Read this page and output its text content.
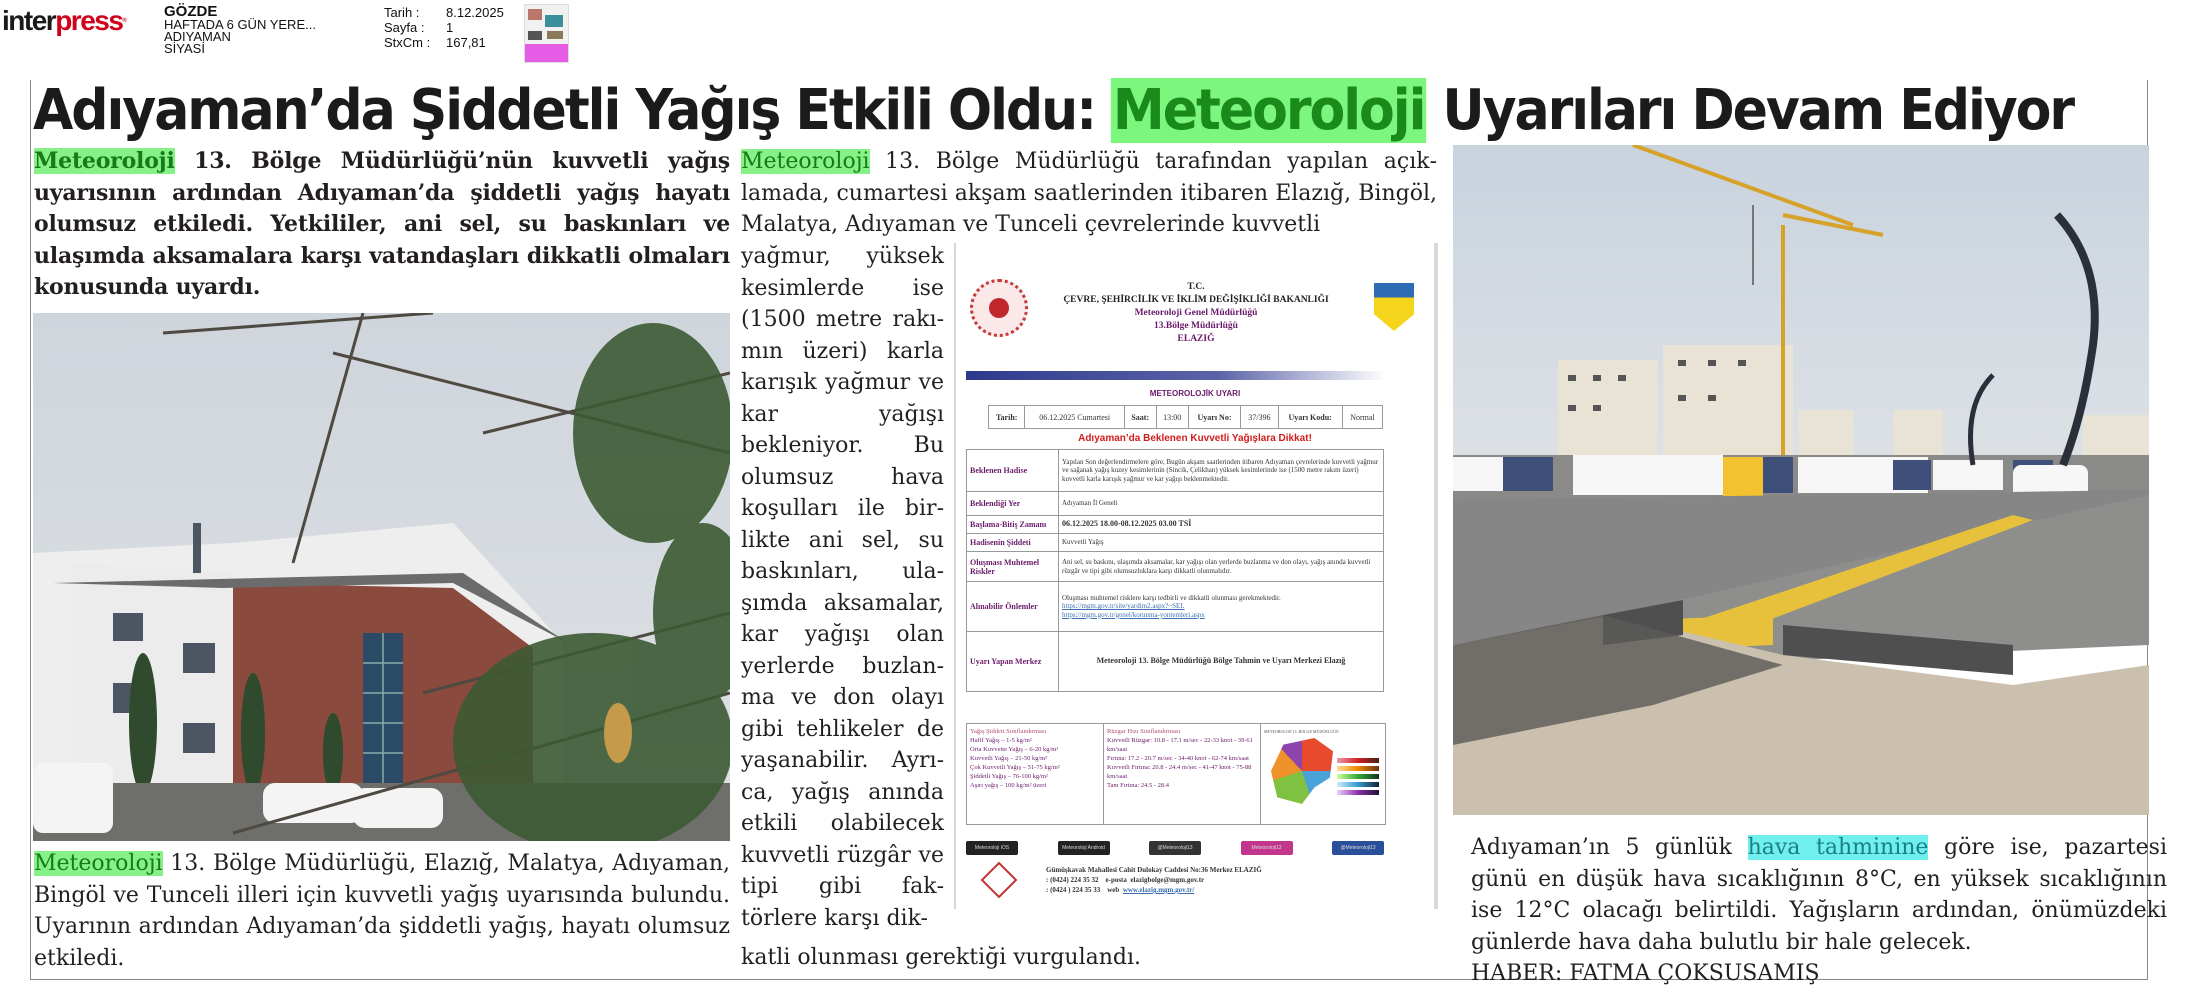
interpress®
GÖZDE
HAFTADA 6 GÜN YERE...
ADIYAMAN
SİYASİ
Tarih :	8.12.2025
Sayfa :	1
StxCm :	167,81
Adıyaman’da Şiddetli Yağış Etkili Oldu: Meteoroloji Uyarıları Devam Ediyor

Meteoroloji 13. Bölge Müdürlüğü’nün kuvvetli yağış uyarısının ardından Adıyaman’da şiddetli yağış hayatı olumsuz etkiledi. Yetkililer, ani sel, su baskınları ve ulaşımda aksamalara karşı vatandaşları dikkatli olmaları konusunda uyardı.

Meteoroloji 13. Bölge Müdürlüğü, Elazığ, Malatya, Adıyaman, Bingöl ve Tunceli illeri için kuvvetli yağış uyarısında bulundu. Uyarının ardından Adıyaman’da şiddetli yağış, hayatı olumsuz etkiledi.

Meteoroloji 13. Bölge Müdürlüğü tarafından yapılan açıklamada, cumartesi akşam saatlerinden itibaren Elazığ, Bingöl, Malatya, Adıyaman ve Tunceli çevrelerinde kuvvetli

yağmur, yüksek kesimlerde ise (1500 metre rakımın üzeri) karla karışık yağmur ve kar yağışı bekleniyor. Bu olumsuz hava koşulları ile birlikte ani sel, su baskınları, ulaşımda aksamalar, kar yağışı olan yerlerde buzlanma ve don olayı gibi tehlikeler de yaşanabilir. Ayrıca, yağış anında etkili olabilecek kuvvetli rüzgâr ve tipi gibi faktörlere karşı dik-

katli olunması gerektiği vurgulandı.

T.C.
ÇEVRE, ŞEHİRCİLİK VE İKLİM DEĞİŞİKLİĞİ BAKANLIĞI
Meteoroloji Genel Müdürlüğü
13.Bölge Müdürlüğü
ELAZIĞ
METEOROLOJİK UYARI
Tarih:	06.12.2025 Cumartesi	Saat:	13:00	Uyarı No:	37/396	Uyarı Kodu:	Normal
Adıyaman’da Beklenen Kuvvetli Yağışlara Dikkat!
Beklenen Hadise	Yapılan Son değerlendirmelere göre, Bugün akşam saatlerinden itibaren Adıyaman çevrelerinde kuvvetli yağmur ve sağanak yağış kuzey kesimlerinin (Sincik, Çelikhan) yüksek kesimlerinde ise (1500 metre rakım üzeri) kuvvetli karla karışık yağmur ve kar yağışı beklenmektedir.
Beklendiği Yer	Adıyaman İl Geneli
Başlama-Bitiş Zamanı	06.12.2025 18.00-08.12.2025 03.00 TSİ
Hadisenin Şiddeti	Kuvvetli Yağış
Oluşması Muhtemel Riskler	Ani sel, su baskını, ulaşımda aksamalar, kar yağışı olan yerlerde buzlanma ve don olayı, yağış anında kuvvetli rüzgâr ve tipi gibi olumsuzluklara karşı dikkatli olunmalıdır.
Alınabilir Önlemler	Oluşması muhtemel risklere karşı tedbirli ve dikkatli olunması gerekmektedir.
https://mgm.gov.tr/site/yardim2.aspx?~SEL
https://mgm.gov.tr/genel/korunma-yontemleri.aspx
Uyarı Yapan Merkez	Meteoroloji 13. Bölge Müdürlüğü Bölge Tahmin ve Uyarı Merkezi Elazığ
Yağış Şiddeti Sınıflandırması
Hafif Yağış – 1-5 kg/m²
Orta Kuvvette Yağış – 6-20 kg/m²
Kuvvetli Yağış – 21-50 kg/m²
Çok Kuvvetli Yağış – 51-75 kg/m²
Şiddetli Yağış – 76-100 kg/m²
Aşırı yağış – 100 kg/m² üzeri
Rüzgar Hızı Sınıflandırması
Kuvvetli Rüzgar: 10.8 - 17.1 m/sec - 22-33 knot - 39-61 km/saat
Fırtına: 17.2 - 20.7 m/sec - 34-40 knot - 62-74 km/saat
Kuvvetli Fırtına: 20.8 - 24.4 m/sec - 41-47 knot - 75-88 km/saat
Tam Fırtına: 24.5 - 28.4
METEOROLOJİ 13. BÖLGE MÜDÜRLÜĞÜ
Meteoroloji iOS	Meteoroloji Android	@Meteoroloji13	Meteoroloji13	@Meteoroloji13
Gümüşkavak Mahallesi Cahit Dulokay Caddesi No:36 Merkez ELAZIĞ
: (0424) 224 35 32 e-posta elazigbolge@mgm.gov.tr
: (0424 ) 224 35 33 web www.elazig.mgm.gov.tr/

Adıyaman’ın 5 günlük hava tahminine göre ise, pazartesi günü en düşük hava sıcaklığının 8°C, en yüksek sıcaklığının ise 12°C olacağı belirtildi. Yağışların ardından, önümüzdeki günlerde hava daha bulutlu bir hale gelecek.
HABER: FATMA ÇOKSUSAMIŞ
